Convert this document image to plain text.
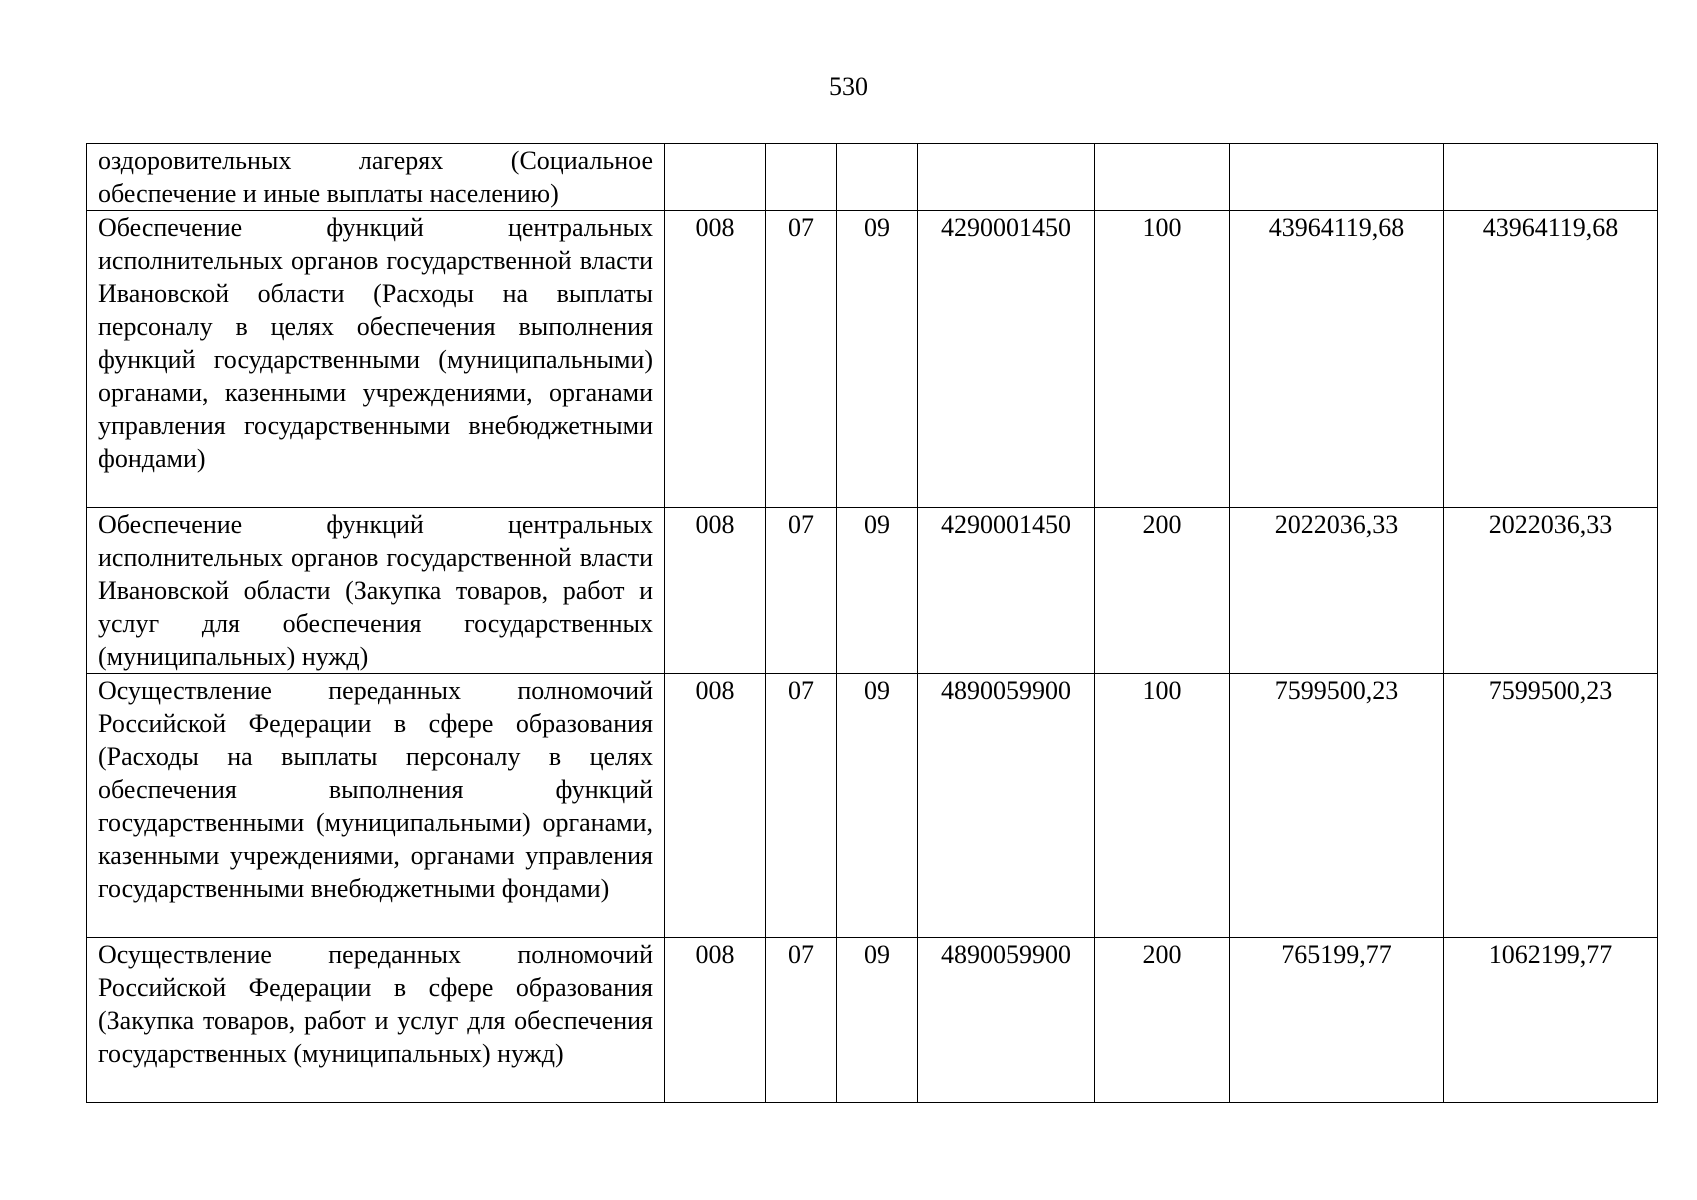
530
оздоровительных лагерях (Социальное обеспечение и иные выплаты населению)							
Обеспечение функций центральных исполнительных органов государственной власти Ивановской области (Расходы на выплаты персоналу в целях обеспечения выполнения функций государственными (муниципальными) органами, казенными учреждениями, органами управления государственными внебюджетными фондами)	008	07	09	4290001450	100	43964119,68	43964119,68
Обеспечение функций центральных исполнительных органов государственной власти Ивановской области (Закупка товаров, работ и услуг для обеспечения государственных (муниципальных) нужд)	008	07	09	4290001450	200	2022036,33	2022036,33
Осуществление переданных полномочий Российской Федерации в сфере образования (Расходы на выплаты персоналу в целях обеспечения выполнения функций государственными (муниципальными) органами, казенными учреждениями, органами управления государственными внебюджетными фондами)	008	07	09	4890059900	100	7599500,23	7599500,23
Осуществление переданных полномочий Российской Федерации в сфере образования (Закупка товаров, работ и услуг для обеспечения государственных (муниципальных) нужд)	008	07	09	4890059900	200	765199,77	1062199,77
